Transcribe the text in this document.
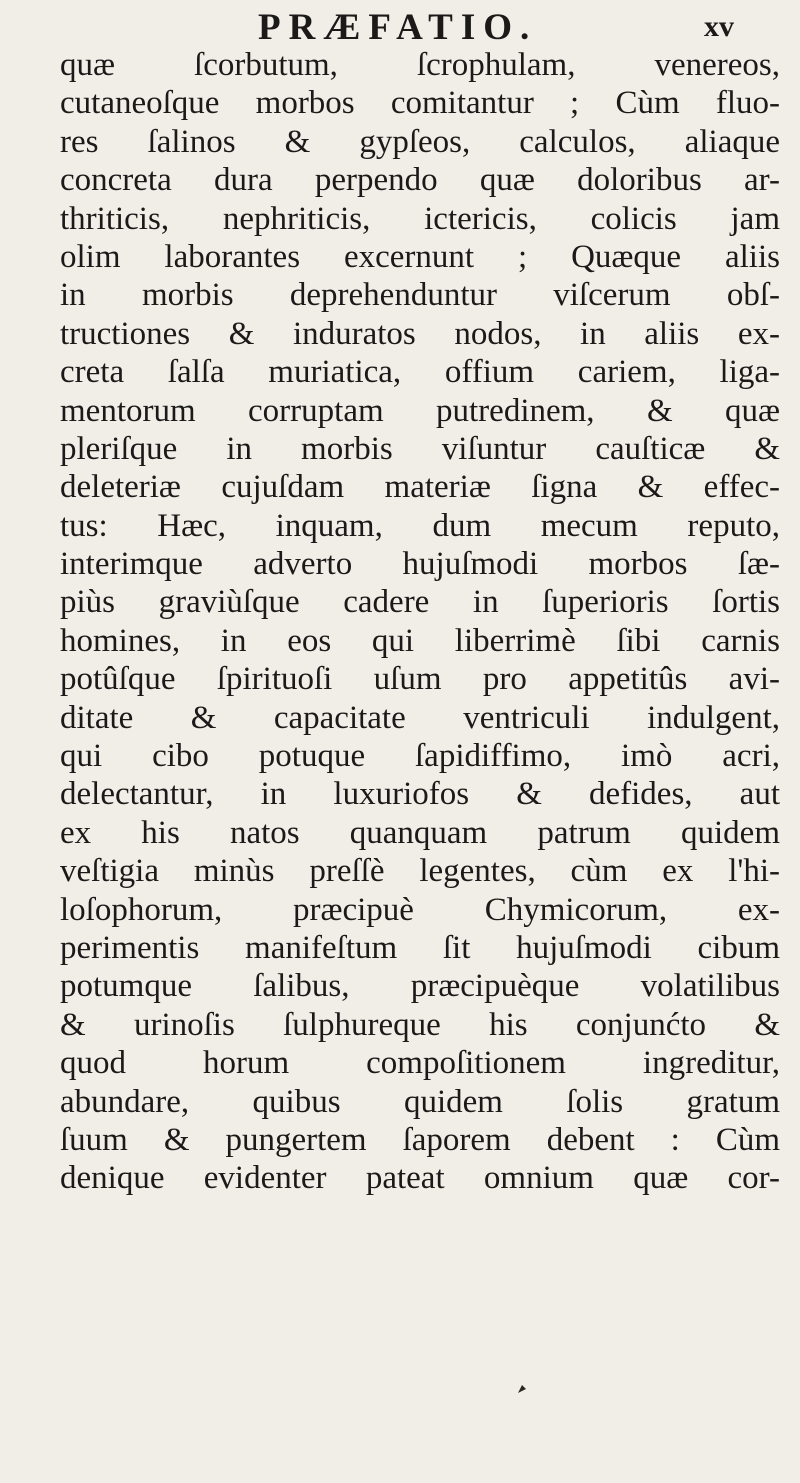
PRÆFATIO.	xv
quæ ſcorbutum, ſcrophulam, venereos,
cutaneoſque morbos comitantur ; Cùm fluo-
res ſalinos & gypſeos, calculos, aliaque
concreta dura perpendo quæ doloribus ar-
thriticis, nephriticis, ictericis, colicis jam
olim laborantes excernunt ; Quæque aliis
in morbis deprehenduntur viſcerum obſ-
tructiones & induratos nodos, in aliis ex-
creta ſalſa muriatica, offium cariem, liga-
mentorum corruptam putredinem, & quæ
pleriſque in morbis viſuntur cauſticæ &
deleteriæ cujuſdam materiæ ſigna & effec-
tus: Hæc, inquam, dum mecum reputo,
interimque adverto hujuſmodi morbos ſæ-
piùs graviùſque cadere in ſuperioris ſortis
homines, in eos qui liberrimè ſibi carnis
potûſque ſpirituoſi uſum pro appetitûs avi-
ditate & capacitate ventriculi indulgent,
qui cibo potuque ſapidiffimo, imò acri,
delectantur, in luxuriofos & defides, aut
ex his natos quanquam patrum quidem
veſtigia minùs preſſè legentes, cùm ex l'hi-
loſophorum, præcipuè Chymicorum, ex-
perimentis manifeſtum ſit hujuſmodi cibum
potumque ſalibus, præcipuèque volatilibus
& urinoſis ſulphureque his conjunćto &
quod horum compoſitionem ingreditur,
abundare, quibus quidem ſolis gratum
ſuum & pungertem ſaporem debent : Cùm
denique evidenter pateat omnium quæ cor-
